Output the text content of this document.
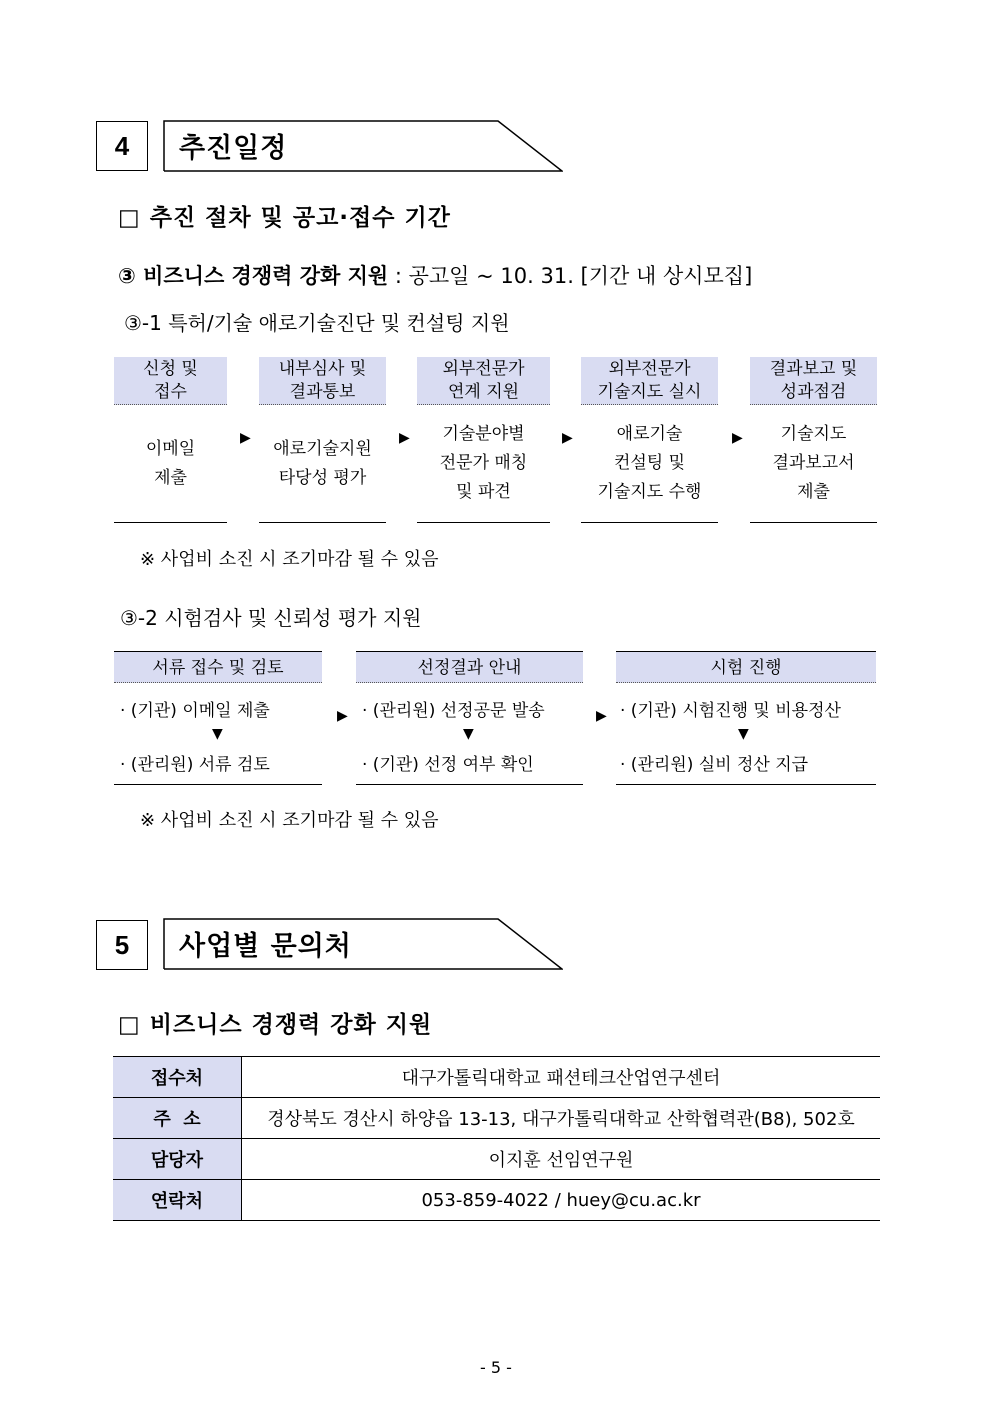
4 추진일정
□ 추진 절차 및 공고·접수 기간
③ 비즈니스 경쟁력 강화 지원 : 공고일 ~ 10. 31. [기간 내 상시모집]
③-1 특허/기술 애로기술진단 및 컨설팅 지원
신청 및
접수
이메일
제출
▶
내부심사 및
결과통보
애로기술지원
타당성 평가
▶
외부전문가
연계 지원
기술분야별
전문가 매칭
및 파견
▶
외부전문가
기술지도 실시
애로기술
컨설팅 및
기술지도 수행
▶
결과보고 및
성과점검
기술지도
결과보고서
제출
※ 사업비 소진 시 조기마감 될 수 있음
③-2 시험검사 및 신뢰성 평가 지원
서류 접수 및 검토
· (기관) 이메일 제출
▼
· (관리원) 서류 검토
▶
선정결과 안내
· (관리원) 선정공문 발송
▼
· (기관) 선정 여부 확인
▶
시험 진행
· (기관) 시험진행 및 비용정산
▼
· (관리원) 실비 정산 지급
※ 사업비 소진 시 조기마감 될 수 있음
5 사업별 문의처
□ 비즈니스 경쟁력 강화 지원
접수처	대구가톨릭대학교 패션테크산업연구센터
주  소	경상북도 경산시 하양읍 13-13, 대구가톨릭대학교 산학협력관(B8), 502호
담당자	이지훈 선임연구원
연락처	053-859-4022 / huey@cu.ac.kr
- 5 -
